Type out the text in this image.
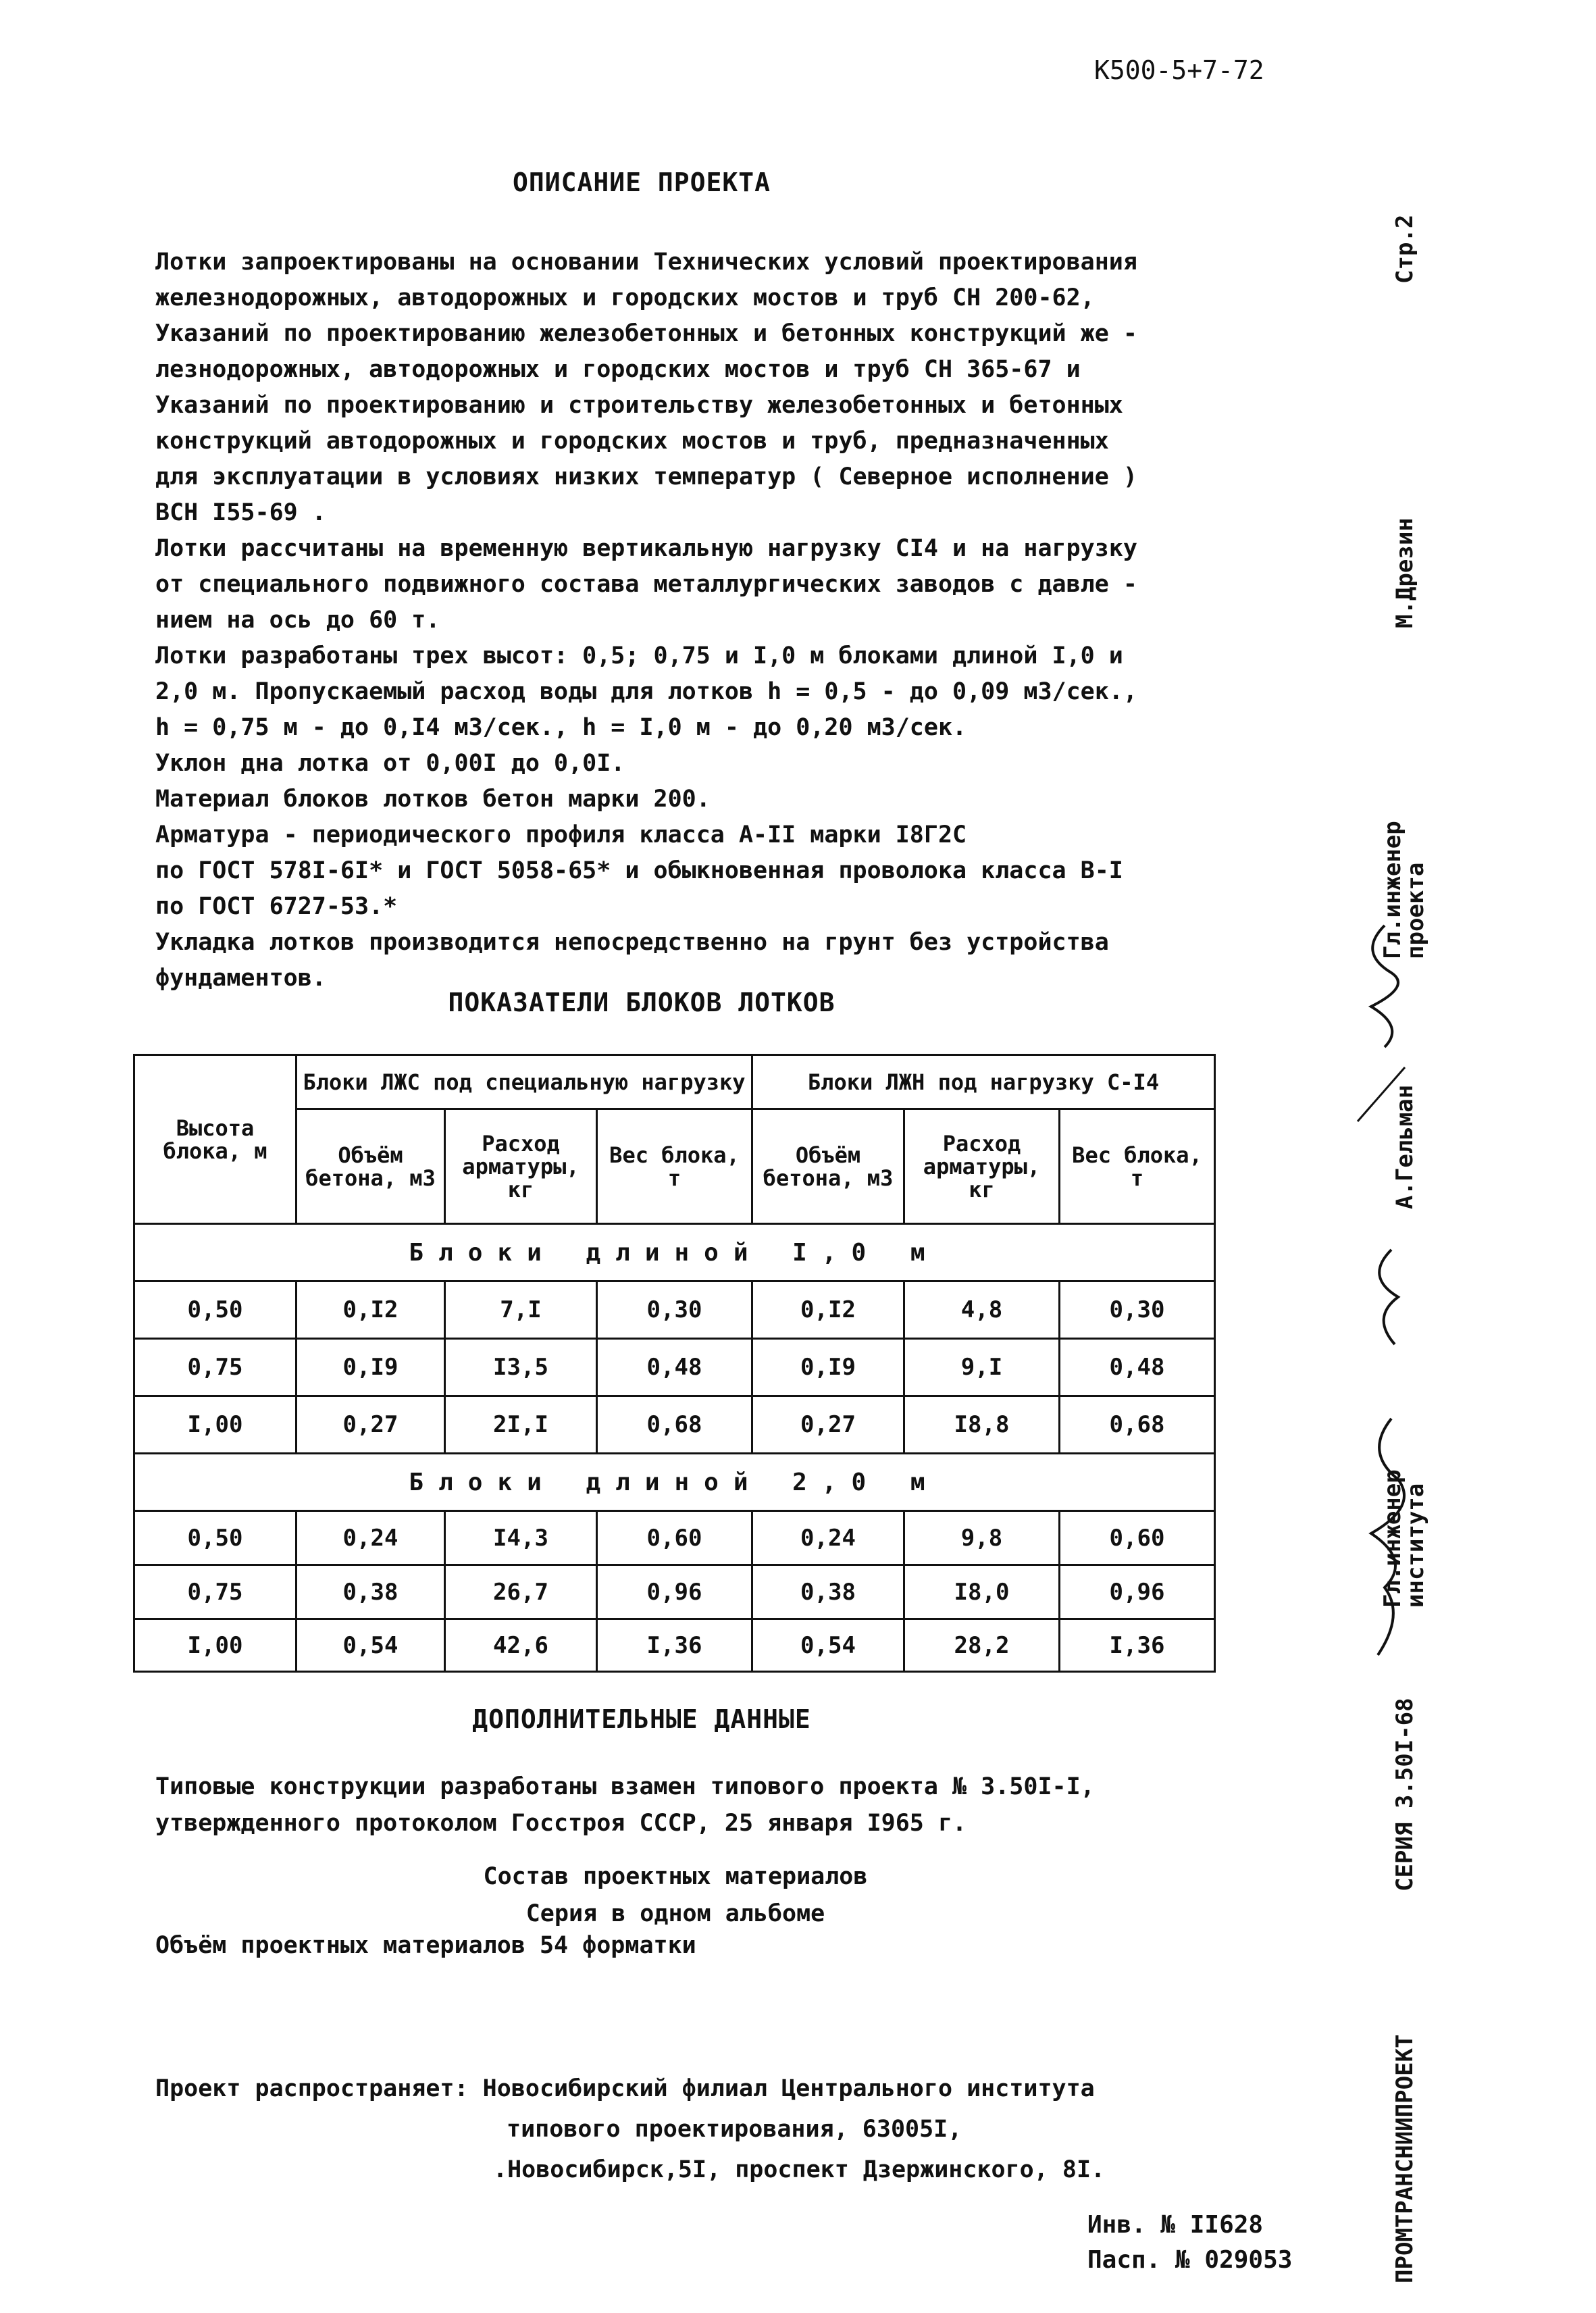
К500-5+7-72
ОПИСАНИЕ ПРОЕКТА
Лотки запроектированы на основании Технических условий проектирования
железнодорожных, автодорожных и городских мостов и труб СН 200-62,
Указаний по проектированию железобетонных и бетонных конструкций же -
лезнодорожных, автодорожных и городских мостов и труб СН 365-67 и
Указаний по проектированию и строительству железобетонных и бетонных
конструкций автодорожных и городских мостов и труб, предназначенных
для эксплуатации в условиях низких температур ( Северное исполнение )
ВСН I55-69 .
Лотки рассчитаны на временную вертикальную нагрузку СI4 и на нагрузку
от специального подвижного состава металлургических заводов с давле -
нием на ось до 60 т.
Лотки разработаны трех высот: 0,5; 0,75 и I,0 м блоками длиной I,0 и
2,0 м. Пропускаемый расход воды для лотков h = 0,5 - до 0,09 м3/сек.,
h = 0,75 м - до 0,I4 м3/сек., h = I,0 м - до 0,20 м3/сек.
Уклон дна лотка от 0,00I до 0,0I.
Материал блоков лотков бетон марки 200.
Арматура - периодического профиля класса А-II марки I8Г2С
по ГОСТ 578I-6I* и ГОСТ 5058-65* и обыкновенная проволока класса В-I
по ГОСТ 6727-53.*
Укладка лотков производится непосредственно на грунт без устройства
фундаментов.
ПОКАЗАТЕЛИ БЛОКОВ ЛОТКОВ
Высота блока, м	Блоки ЛЖС под специальную нагрузку			Блоки ЛЖН под нагрузку С-I4		
	Объём бетона, м3	Расход арматуры, кг	Вес блока, т	Объём бетона, м3	Расход арматуры, кг	Вес блока, т
Блоки длиной I,0 м						
0,50	0,I2	7,I	0,30	0,I2	4,8	0,30
0,75	0,I9	I3,5	0,48	0,I9	9,I	0,48
I,00	0,27	2I,I	0,68	0,27	I8,8	0,68
Блоки длиной 2,0 м						
0,50	0,24	I4,3	0,60	0,24	9,8	0,60
0,75	0,38	26,7	0,96	0,38	I8,0	0,96
I,00	0,54	42,6	I,36	0,54	28,2	I,36
ДОПОЛНИТЕЛЬНЫЕ ДАННЫЕ
Типовые конструкции разработаны взамен типового проекта № 3.50I-I,
утвержденного протоколом Госстроя СССР, 25 января I965 г.
Состав проектных материалов
Серия в одном альбоме
Объём проектных материалов 54 форматки
Проект распространяет: Новосибирский филиал Центрального института
типового проектирования, 63005I,
.Новосибирск,5I, проспект Дзержинского, 8I.
Инв. № II628
Пасп. № 029053
Стр.2
М.Дрезин
Гл.инженер проекта
А.Гельман
Гл.инженер института
СЕРИЯ 3.50I-68
ПРОМТРАНСНИИПРОЕКТ
